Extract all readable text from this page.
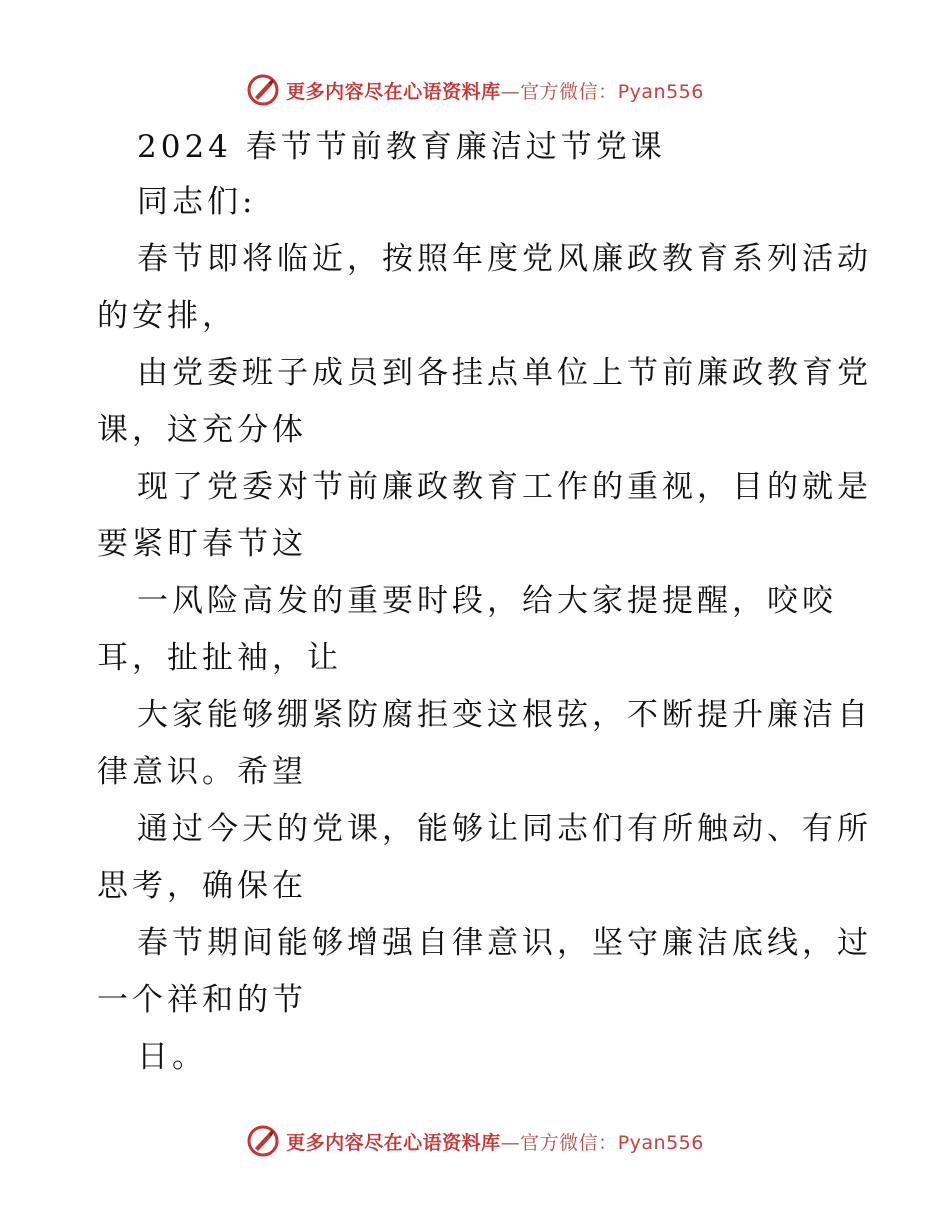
更多内容尽在心语资料库—官方微信：Pyan556

2024 春节节前教育廉洁过节党课

同志们:

春节即将临近，按照年度党风廉政教育系列活动

的安排，

由党委班子成员到各挂点单位上节前廉政教育党

课，这充分体

现了党委对节前廉政教育工作的重视，目的就是

要紧盯春节这

一风险高发的重要时段，给大家提提醒，咬咬

耳，扯扯袖，让

大家能够绷紧防腐拒变这根弦，不断提升廉洁自

律意识。希望

通过今天的党课，能够让同志们有所触动、有所

思考，确保在

春节期间能够增强自律意识，坚守廉洁底线，过

一个祥和的节

日。

更多内容尽在心语资料库—官方微信：Pyan556
